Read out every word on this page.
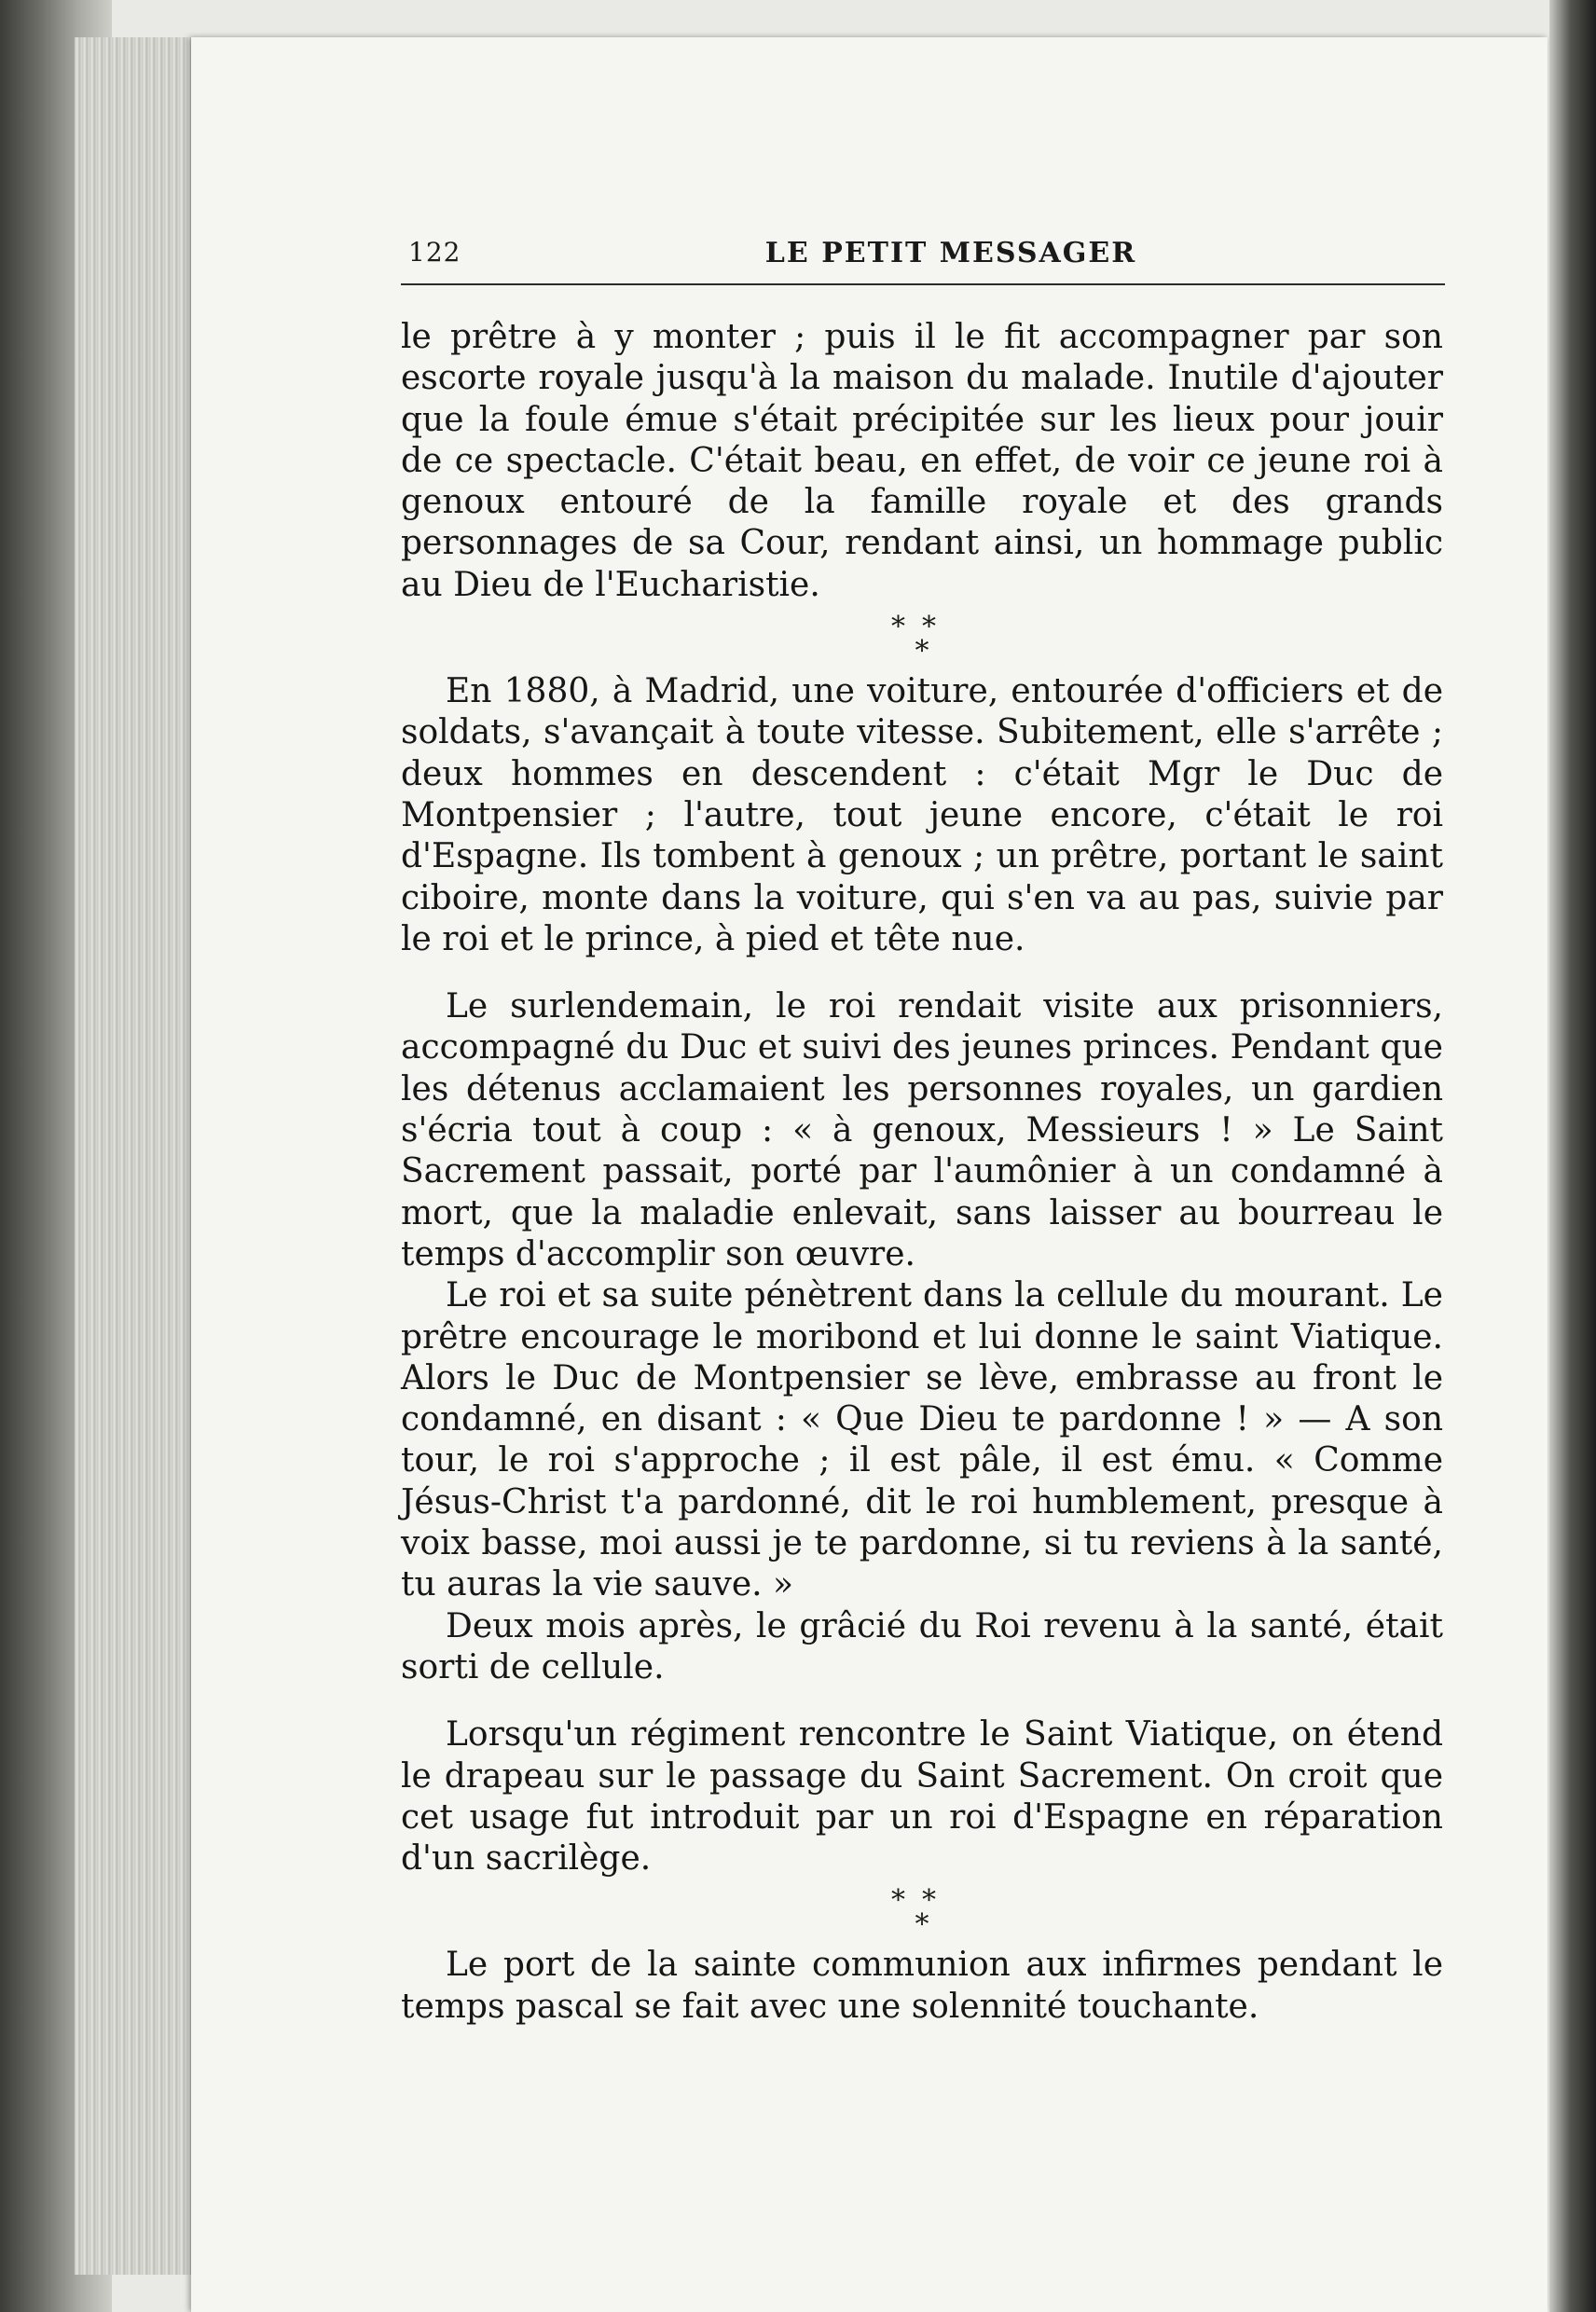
122	LE PETIT MESSAGER

le prêtre à y monter ; puis il le fit accompagner par son escorte royale jusqu'à la maison du malade. Inutile d'ajouter que la foule émue s'était précipitée sur les lieux pour jouir de ce spectacle. C'était beau, en effet, de voir ce jeune roi à genoux entouré de la famille royale et des grands personnages de sa Cour, rendant ainsi, un hommage public au Dieu de l'Eucharistie.

**
*

En 1880, à Madrid, une voiture, entourée d'officiers et de soldats, s'avançait à toute vitesse. Subitement, elle s'arrête ; deux hommes en descendent : c'était Mgr le Duc de Montpensier ; l'autre, tout jeune encore, c'était le roi d'Espagne. Ils tombent à genoux ; un prêtre, portant le saint ciboire, monte dans la voiture, qui s'en va au pas, suivie par le roi et le prince, à pied et tête nue.

Le surlendemain, le roi rendait visite aux prisonniers, accompagné du Duc et suivi des jeunes princes. Pendant que les détenus acclamaient les personnes royales, un gardien s'écria tout à coup : « à genoux, Messieurs ! » Le Saint Sacrement passait, porté par l'aumônier à un condamné à mort, que la maladie enlevait, sans laisser au bourreau le temps d'accomplir son œuvre.

Le roi et sa suite pénètrent dans la cellule du mourant. Le prêtre encourage le moribond et lui donne le saint Viatique. Alors le Duc de Montpensier se lève, embrasse au front le condamné, en disant : « Que Dieu te pardonne ! » — A son tour, le roi s'approche ; il est pâle, il est ému. « Comme Jésus-Christ t'a pardonné, dit le roi humblement, presque à voix basse, moi aussi je te pardonne, si tu reviens à la santé, tu auras la vie sauve. »

Deux mois après, le grâcié du Roi revenu à la santé, était sorti de cellule.

Lorsqu'un régiment rencontre le Saint Viatique, on étend le drapeau sur le passage du Saint Sacrement. On croit que cet usage fut introduit par un roi d'Espagne en réparation d'un sacrilège.

**
*

Le port de la sainte communion aux infirmes pendant le temps pascal se fait avec une solennité touchante.
